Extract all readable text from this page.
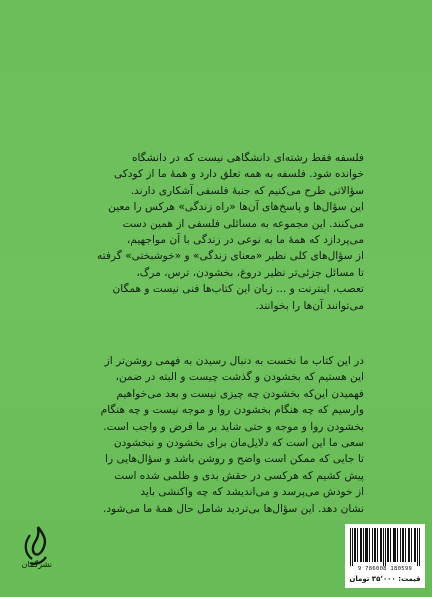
فلسفه فقط رشته‌ای دانشگاهی نیست که در دانشگاه
خوانده شود. فلسفه به همه تعلق دارد و همهٔ ما از کودکی
سؤالاتی طرح می‌کنیم که جنبهٔ فلسفی آشکاری دارند.
این سؤال‌ها و پاسخ‌های آن‌ها «راه زندگی» هرکس را معین
می‌کنند. این مجموعه به مسائلی فلسفی از همین دست
می‌پردازد که همهٔ ما به نوعی در زندگی با آن مواجهیم،
از سؤال‌های کلی نظیر «معنای زندگی» و «خوشبختی» گرفته
تا مسائل جزئی‌تر نظیر دروغ، بخشودن، ترس، مرگ،
تعصب، اینترنت و ... زبان این کتاب‌ها فنی نیست و همگان
می‌توانند آن‌ها را بخوانند.
در این کتاب ما نخست به دنبال رسیدن به فهمی روشن‌تر از
این هستیم که بخشودن و گذشت چیست و البته در ضمن،
فهمیدن این‌که بخشودن چه چیزی نیست و بعد می‌خواهیم
وارسیم که چه هنگام بخشودن روا و موجه نیست و چه هنگام
بخشودن روا و موجه و حتی شاید بر ما فرض و واجب است.
سعی ما این است که دلایل‌مان برای بخشودن و نبخشودن
تا جایی که ممکن است واضح و روشن باشد و سؤال‌هایی را
پیش کشیم که هرکسی در حقش بدی و ظلمی شده است
از خودش می‌پرسد و می‌اندیشد که چه واکنشی باید
نشان دهد. این سؤال‌ها بی‌تردید شامل حال همهٔ ما می‌شود.
نشرگمان	9 786008 180599
قیمت: ۳۵٬۰۰۰ تومان
